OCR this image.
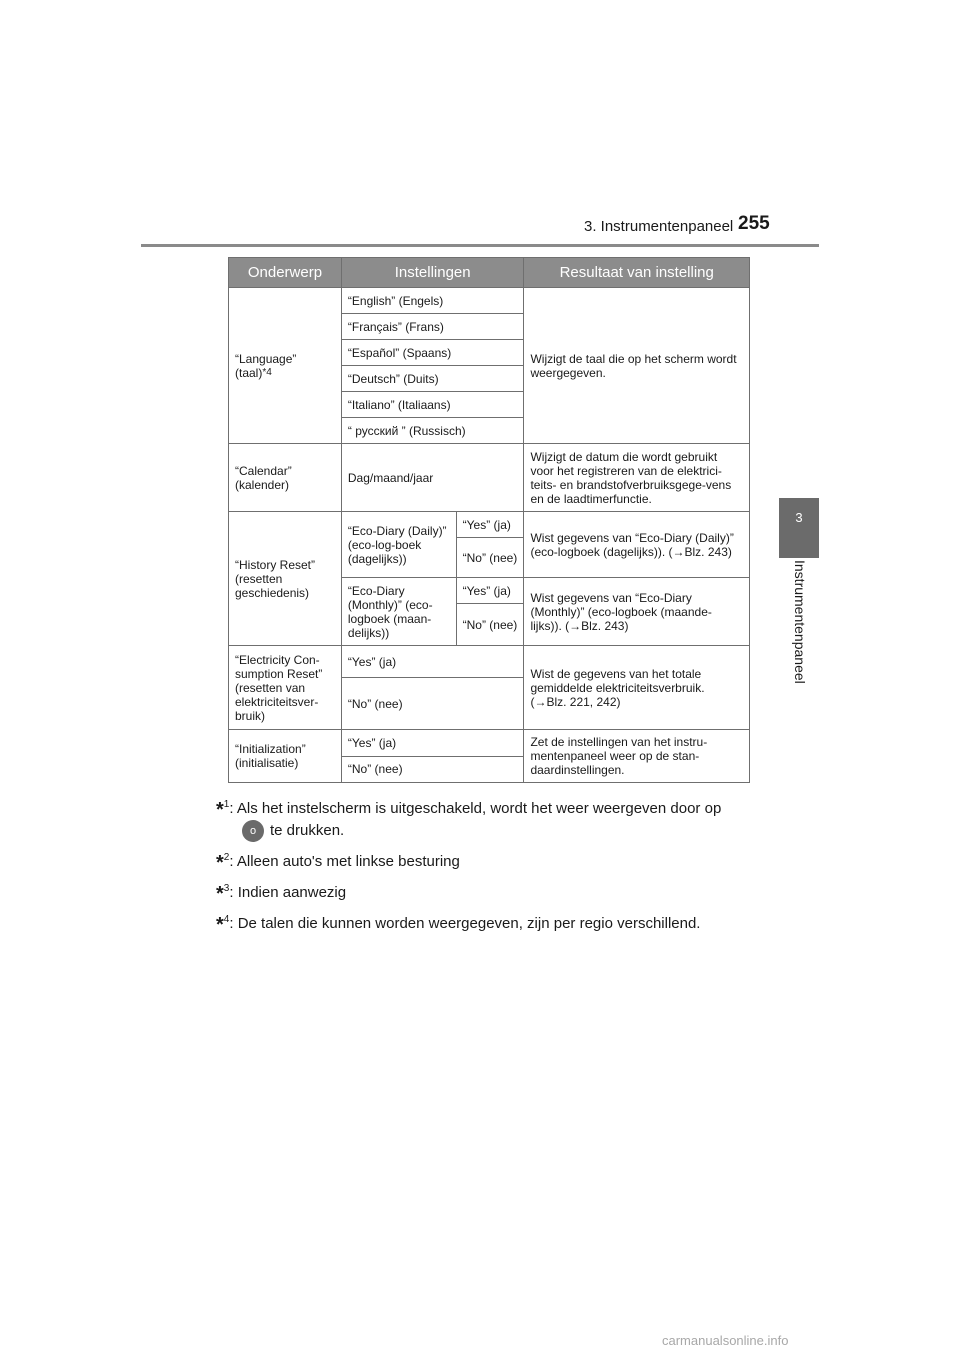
3. Instrumentenpaneel 255
3
Instrumentenpaneel
Onderwerp	Instellingen		Resultaat van instelling
“Language” (taal)$^{*4}$	“English” (Engels)		Wijzigt de taal die op het scherm wordt weergegeven.
	“Français” (Frans)		
	“Español” (Spaans)		
	“Deutsch” (Duits)		
	“Italiano” (Italiaans)		
	“ русский ” (Russisch)		
“Calendar” (kalender)	Dag/maand/jaar		Wijzigt de datum die wordt gebruikt voor het registreren van de elektrici-teits- en brandstofverbruiksgege-vens en de laadtimerfunctie.
“History Reset” (resetten geschiedenis)	“Eco-Diary (Daily)” (eco-log-boek (dagelijks))	“Yes” (ja)	Wist gegevens van “Eco-Diary (Daily)” (eco-logboek (dagelijks)). (→Blz. 243)
		“No” (nee)	
	“Eco-Diary (Monthly)” (eco-logboek (maan-delijks))	“Yes” (ja)	Wist gegevens van “Eco-Diary (Monthly)” (eco-logboek (maande-lijks)). (→Blz. 243)
		“No” (nee)	
“Electricity Con-sumption Reset” (resetten van elektriciteitsver-bruik)	“Yes” (ja)		Wist de gegevens van het totale gemiddelde elektriciteitsverbruik. (→Blz. 221, 242)
	“No” (nee)		
“Initialization” (initialisatie)	“Yes” (ja)		Zet de instellingen van het instru-mentenpaneel weer op de stan-daardinstellingen.
	“No” (nee)		
*$^1$: Als het instelscherm is uitgeschakeld, wordt het weer weergeven door op
o te drukken.
*$^2$: Alleen auto's met linkse besturing
*$^3$: Indien aanwezig
*$^4$: De talen die kunnen worden weergegeven, zijn per regio verschillend.
carmanualsonline.info
